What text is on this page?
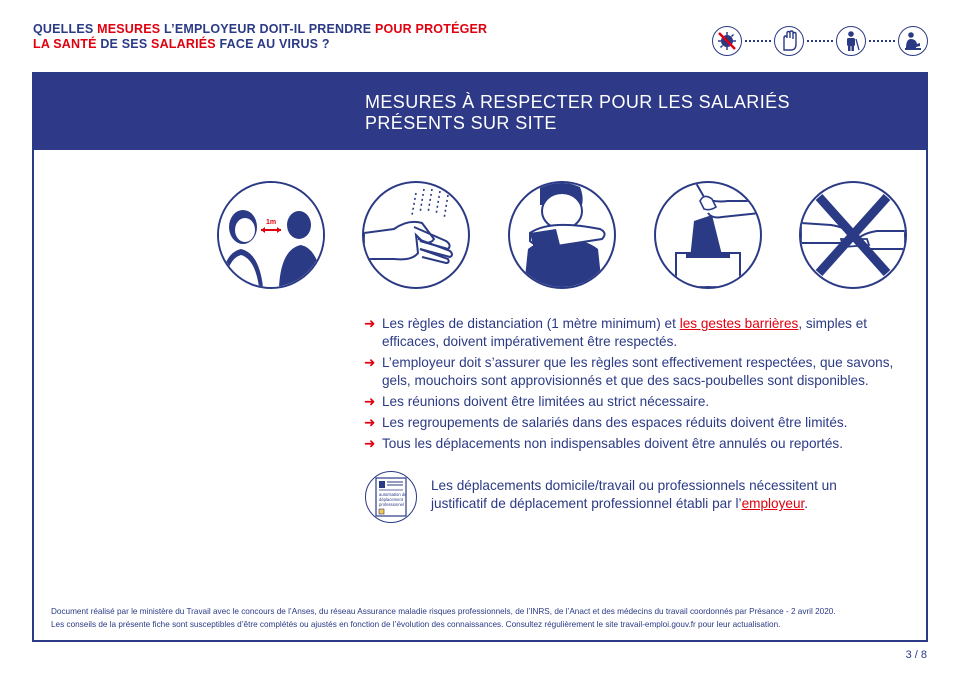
QUELLES MESURES L’EMPLOYEUR DOIT-IL PRENDRE POUR PROTÉGER
LA SANTÉ DE SES SALARIÉS FACE AU VIRUS ?
MESURES À RESPECTER POUR LES SALARIÉS
PRÉSENTS SUR SITE
1m
➜ Les règles de distanciation (1 mètre minimum) et les gestes barrières, simples et efficaces, doivent impérativement être respectés.
➜ L’employeur doit s’assurer que les règles sont effectivement respectées, que savons, gels, mouchoirs sont approvisionnés et que des sacs-poubelles sont disponibles.
➜ Les réunions doivent être limitées au strict nécessaire.
➜ Les regroupements de salariés dans des espaces réduits doivent être limités.
➜ Tous les déplacements non indispensables doivent être annulés ou reportés.
autorisation de
déplacement
professionnel
Les déplacements domicile/travail ou professionnels nécessitent un justificatif de déplacement professionnel établi par l’employeur.
Document réalisé par le ministère du Travail avec le concours de l’Anses, du réseau Assurance maladie risques professionnels, de l’INRS, de l’Anact et des médecins du travail coordonnés par Présance - 2 avril 2020.
Les conseils de la présente fiche sont susceptibles d’être complétés ou ajustés en fonction de l’évolution des connaissances. Consultez régulièrement le site travail-emploi.gouv.fr pour leur actualisation.
3 / 8
